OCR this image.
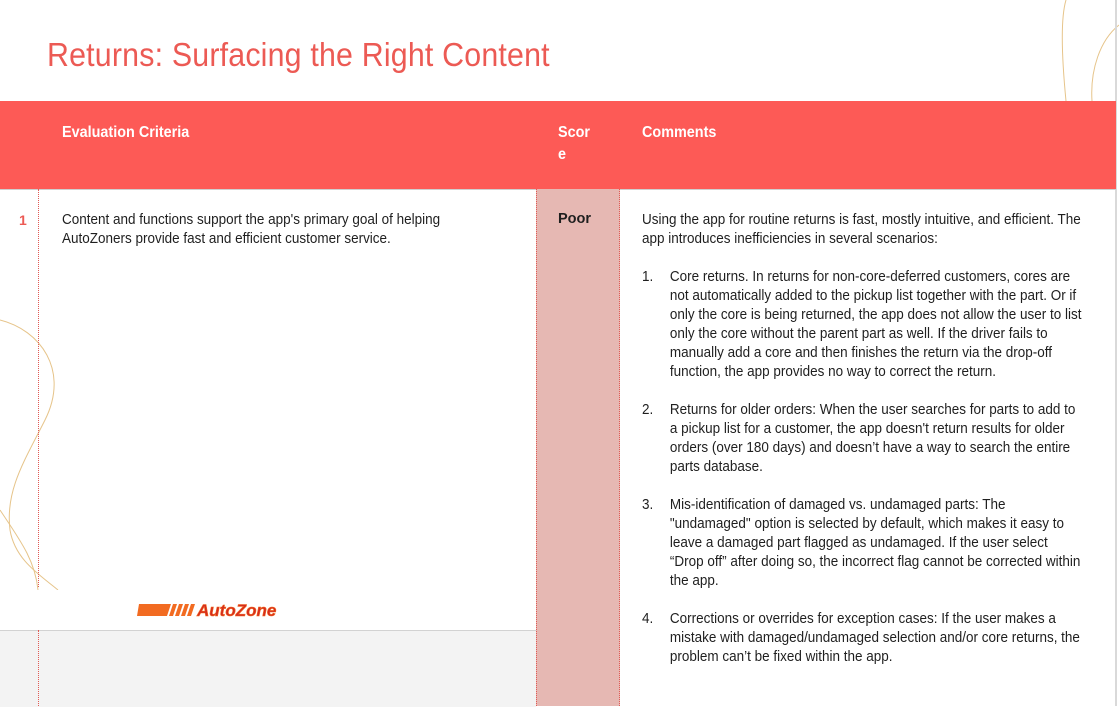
Returns: Surfacing the Right Content
Evaluation Criteria	Score
Comments
1 Content and functions support the app's primary goal of helping AutoZoners provide fast and efficient customer service.
Poor	Using the app for routine returns is fast, mostly intuitive, and efficient. The app introduces inefficiencies in several scenarios:

1. Core returns. In returns for non-core-deferred customers, cores are not automatically added to the pickup list together with the part. Or if only the core is being returned, the app does not allow the user to list only the core without the parent part as well. If the driver fails to manually add a core and then finishes the return via the drop-off function, the app provides no way to correct the return.
2. Returns for older orders: When the user searches for parts to add to a pickup list for a customer, the app doesn't return results for older orders (over 180 days) and doesn’t have a way to search the entire parts database.
3. Mis-identification of damaged vs. undamaged parts: The "undamaged" option is selected by default, which makes it easy to leave a damaged part flagged as undamaged. If the user select “Drop off” after doing so, the incorrect flag cannot be corrected within the app.
4. Corrections or overrides for exception cases: If the user makes a mistake with damaged/undamaged selection and/or core returns, the problem can’t be fixed within the app.
AutoZone
